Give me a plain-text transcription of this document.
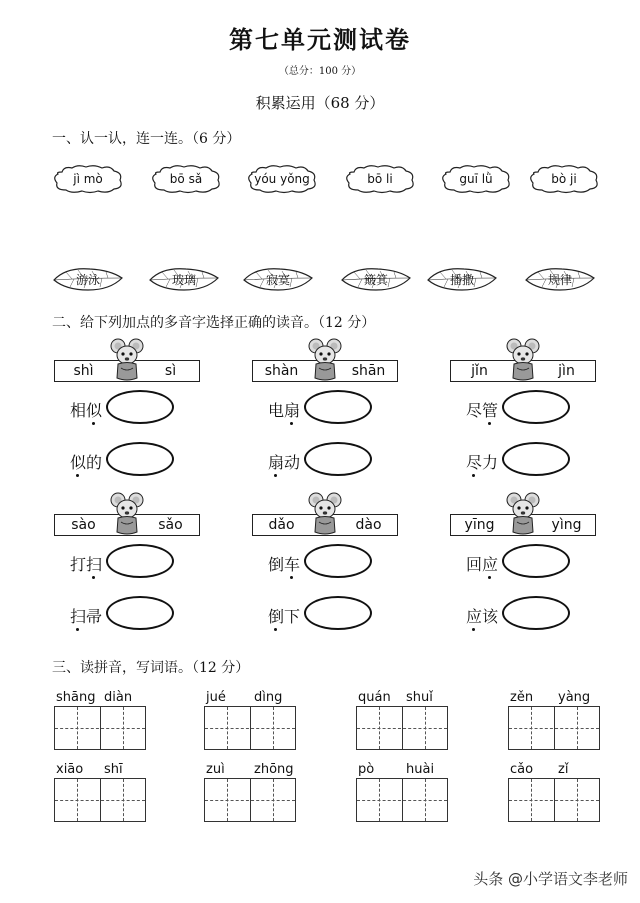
第七单元测试卷
（总分：100 分）
积累运用（68 分）
一、认一认，连一连。（6 分）
jì mò	bō sǎ	yóu yǒng	bō li	guī lǜ	bò ji
游泳	玻璃	寂寞	簸箕	播撒	规律
二、给下列加点的多音字选择正确的读音。（12 分）
shì	sì
相似
似的
shàn	shān
电扇
扇动
jǐn	jìn
尽管
尽力
sào	sǎo
打扫
扫帚
dǎo	dào
倒车
倒下
yīng	yìng
回应
应该
三、读拼音，写词语。（12 分）
shāng diàn	jué dìng	quán shuǐ	zěn yàng
xiāo shī	zuì zhōng	pò huài	cǎo zǐ
头条 @小学语文李老师
